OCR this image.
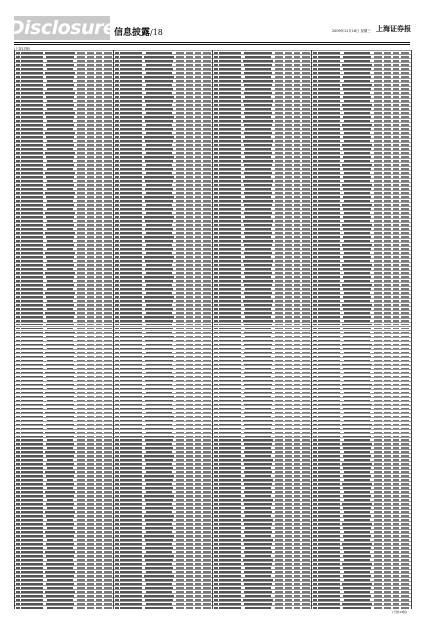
Disclosure
信息披露/18	2009年11月18日 星期三 上海证券报
(上接17版)
(下转19版)
